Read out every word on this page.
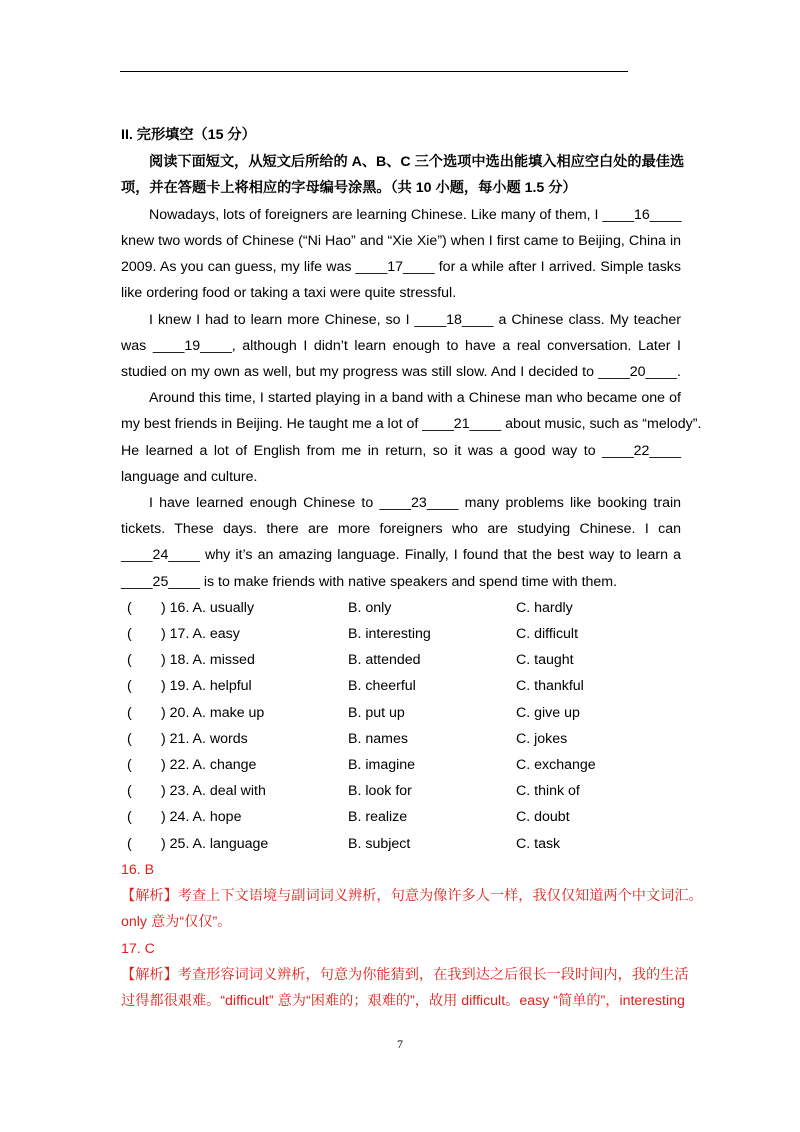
II. 完形填空（15 分）
阅读下面短文，从短文后所给的 A、B、C 三个选项中选出能填入相应空白处的最佳选
项，并在答题卡上将相应的字母编号涂黑。（共 10 小题，每小题 1.5 分）
Nowadays, lots of foreigners are learning Chinese. Like many of them, I ____16____
knew two words of Chinese (“Ni Hao” and “Xie Xie”) when I first came to Beijing, China in
2009. As you can guess, my life was ____17____ for a while after I arrived. Simple tasks
like ordering food or taking a taxi were quite stressful.
I knew I had to learn more Chinese, so I ____18____ a Chinese class. My teacher
was ____19____, although I didn’t learn enough to have a real conversation. Later I
studied on my own as well, but my progress was still slow. And I decided to ____20____.
Around this time, I started playing in a band with a Chinese man who became one of
my best friends in Beijing. He taught me a lot of ____21____ about music, such as “melody”.
He learned a lot of English from me in return, so it was a good way to ____22____
language and culture.
I have learned enough Chinese to ____23____ many problems like booking train
tickets. These days. there are more foreigners who are studying Chinese. I can
____24____ why it’s an amazing language. Finally, I found that the best way to learn a
____25____ is to make friends with native speakers and spend time with them.
( ) 16. A. usually	B. only	C. hardly
( ) 17. A. easy	B. interesting	C. difficult
( ) 18. A. missed	B. attended	C. taught
( ) 19. A. helpful	B. cheerful	C. thankful
( ) 20. A. make up	B. put up	C. give up
( ) 21. A. words	B. names	C. jokes
( ) 22. A. change	B. imagine	C. exchange
( ) 23. A. deal with	B. look for	C. think of
( ) 24. A. hope	B. realize	C. doubt
( ) 25. A. language	B. subject	C. task
16. B
【解析】考查上下文语境与副词词义辨析，句意为像许多人一样，我仅仅知道两个中文词汇。
only 意为“仅仅”。
17. C
【解析】考查形容词词义辨析，句意为你能猜到，在我到达之后很长一段时间内，我的生活
过得都很艰难。“difficult” 意为“困难的；艰难的”，故用 difficult。easy “简单的”，interesting
7
